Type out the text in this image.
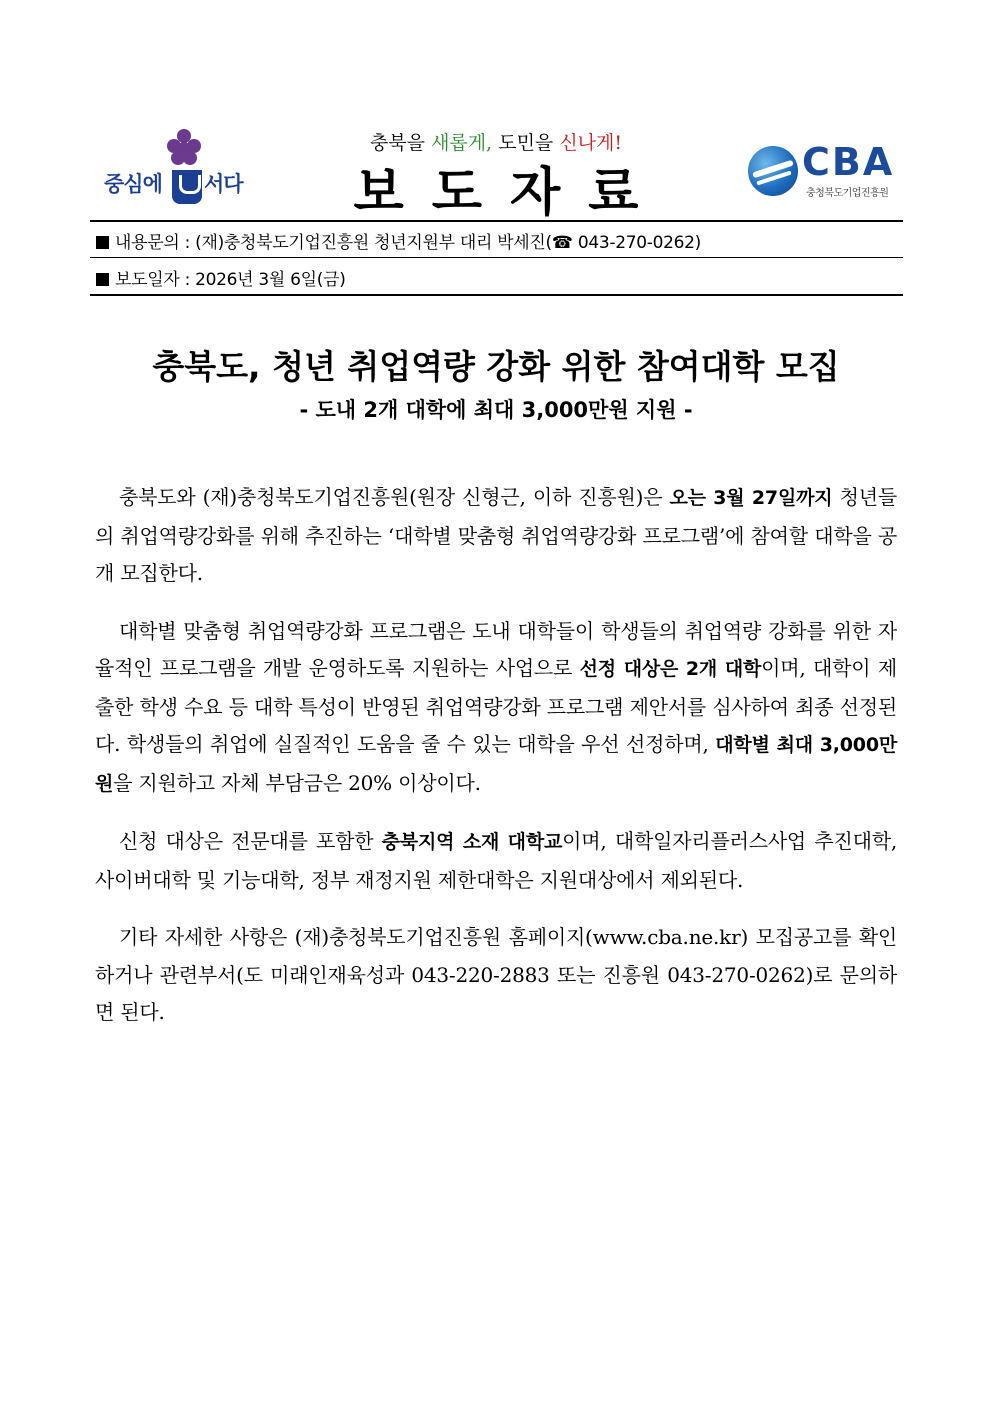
중심에 서다
충북을 새롭게, 도민을 신나게!
보도자료	CBA
충청북도기업진흥원
내용문의 : (재)충청북도기업진흥원 청년지원부 대리 박세진(☎ 043-270-0262)
보도일자 : 2026년 3월 6일(금)
충북도, 청년 취업역량 강화 위한 참여대학 모집
- 도내 2개 대학에 최대 3,000만원 지원 -

충북도와 (재)충청북도기업진흥원(원장 신형근, 이하 진흥원)은 오는 3월 27일까지 청년들의 취업역량강화를 위해 추진하는 ‘대학별 맞춤형 취업역량강화 프로그램’에 참여할 대학을 공개 모집한다.

대학별 맞춤형 취업역량강화 프로그램은 도내 대학들이 학생들의 취업역량 강화를 위한 자율적인 프로그램을 개발 운영하도록 지원하는 사업으로 선정 대상은 2개 대학이며, 대학이 제출한 학생 수요 등 대학 특성이 반영된 취업역량강화 프로그램 제안서를 심사하여 최종 선정된다. 학생들의 취업에 실질적인 도움을 줄 수 있는 대학을 우선 선정하며, 대학별 최대 3,000만원을 지원하고 자체 부담금은 20% 이상이다.

신청 대상은 전문대를 포함한 충북지역 소재 대학교이며, 대학일자리플러스사업 추진대학, 사이버대학 및 기능대학, 정부 재정지원 제한대학은 지원대상에서 제외된다.

기타 자세한 사항은 (재)충청북도기업진흥원 홈페이지(www.cba.ne.kr) 모집공고를 확인하거나 관련부서(도 미래인재육성과 043-220-2883 또는 진흥원 043-270-0262)로 문의하면 된다.
